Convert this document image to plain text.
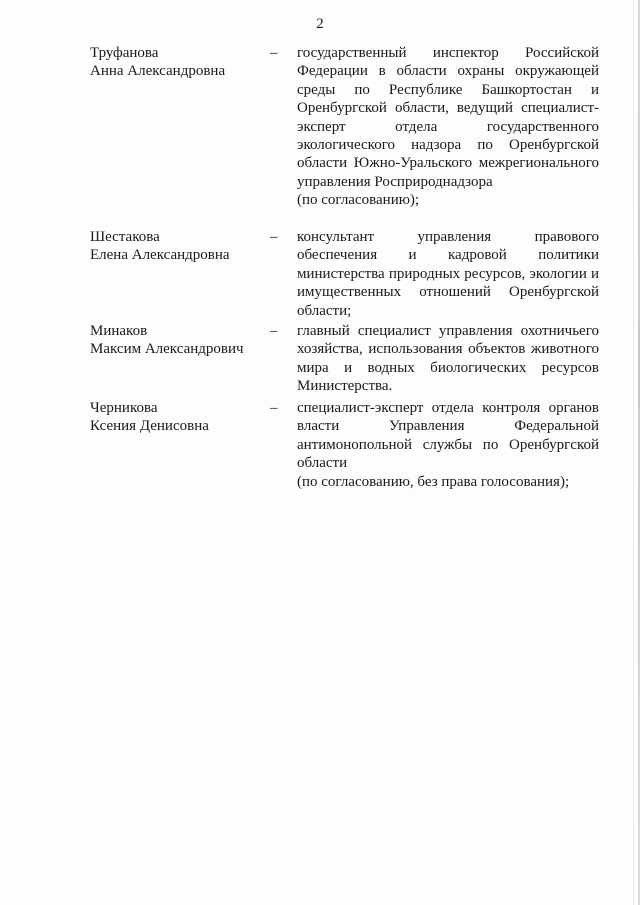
2
Труфанова
Анна Александровна
– государственный инспектор Российской Федерации в области охраны окружающей среды по Республике Башкортостан и Оренбургской области, ведущий специалист-эксперт отдела государственного экологического надзора по Оренбургской области Южно-Уральского межрегионального управления Росприроднадзора

(по согласованию);

Шестакова
Елена Александровна
– консультант управления правового обеспечения и кадровой политики министерства природных ресурсов, экологии и имущественных отношений Оренбургской области;

Минаков
Максим Александрович
– главный специалист управления охотничьего хозяйства, использования объектов животного мира и водных биологических ресурсов Министерства.

Черникова
Ксения Денисовна
– специалист-эксперт отдела контроля органов власти Управления Федеральной антимонопольной службы по Оренбургской области

(по согласованию, без права голосования);
